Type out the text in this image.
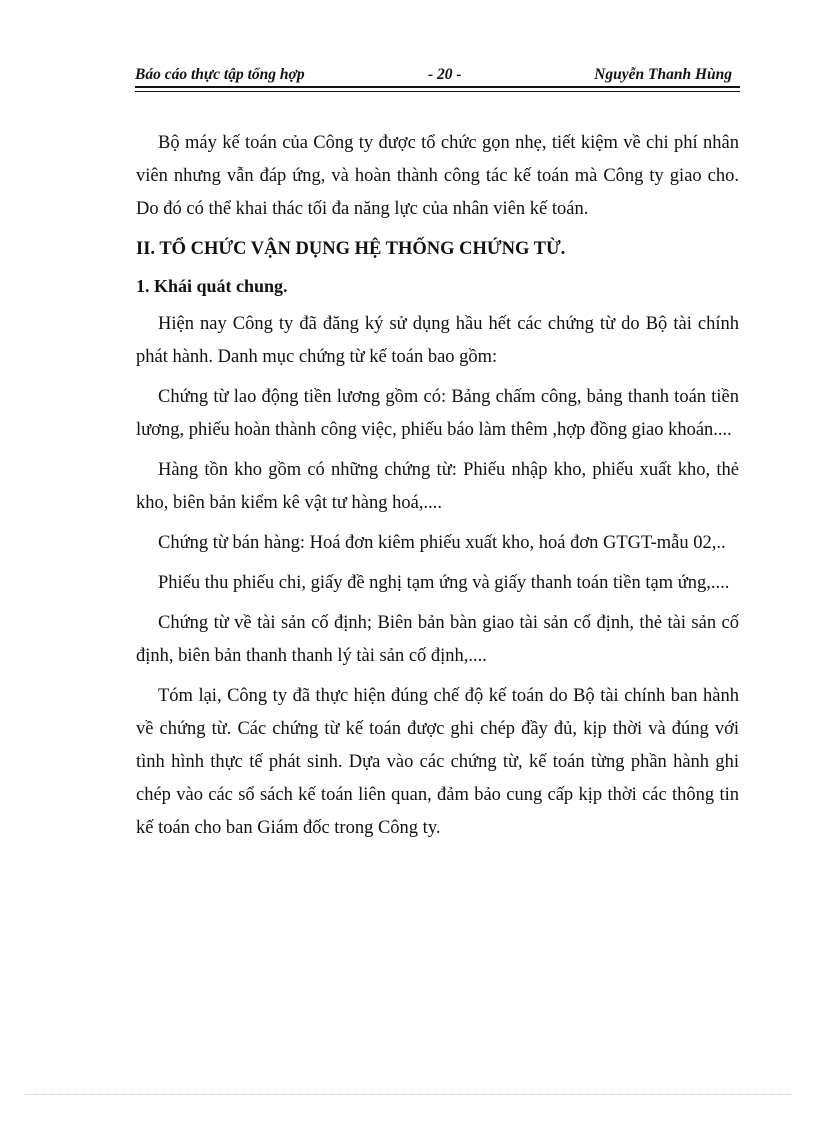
Báo cáo thực tập tổng hợp	- 20 -	Nguyễn Thanh Hùng

Bộ máy kế toán của Công ty được tổ chức gọn nhẹ, tiết kiệm về chi phí nhân viên nhưng vẫn đáp ứng, và hoàn thành công tác kế toán mà Công ty giao cho. Do đó có thể khai thác tối đa năng lực của nhân viên kế toán.

II. TỔ CHỨC VẬN DỤNG HỆ THỐNG CHỨNG TỪ.

1. Khái quát chung.

Hiện nay Công ty đã đăng ký sử dụng hầu hết các chứng từ do Bộ tài chính phát hành. Danh mục chứng từ kế toán bao gồm:

Chứng từ lao động tiền lương gồm có: Bảng chấm công, bảng thanh toán tiền lương, phiếu hoàn thành công việc, phiếu báo làm thêm ,hợp đồng giao khoán....

Hàng tồn kho gồm có những chứng từ: Phiếu nhập kho, phiếu xuất kho, thẻ kho, biên bản kiểm kê vật tư hàng hoá,....

Chứng từ bán hàng: Hoá đơn kiêm phiếu xuất kho, hoá đơn GTGT-mẫu 02,..

Phiếu thu phiếu chi, giấy đề nghị tạm ứng và giấy thanh toán tiền tạm ứng,....

Chứng từ về tài sản cố định; Biên bản bàn giao tài sản cố định, thẻ tài sản cố định, biên bản thanh thanh lý tài sản cố định,....

Tóm lại, Công ty đã thực hiện đúng chế độ kế toán do Bộ tài chính ban hành về chứng từ. Các chứng từ kế toán được ghi chép đầy đủ, kịp thời và đúng với tình hình thực tế phát sinh. Dựa vào các chứng từ, kế toán từng phần hành ghi chép vào các sổ sách kế toán liên quan, đảm bảo cung cấp kịp thời các thông tin kế toán cho ban Giám đốc trong Công ty.
